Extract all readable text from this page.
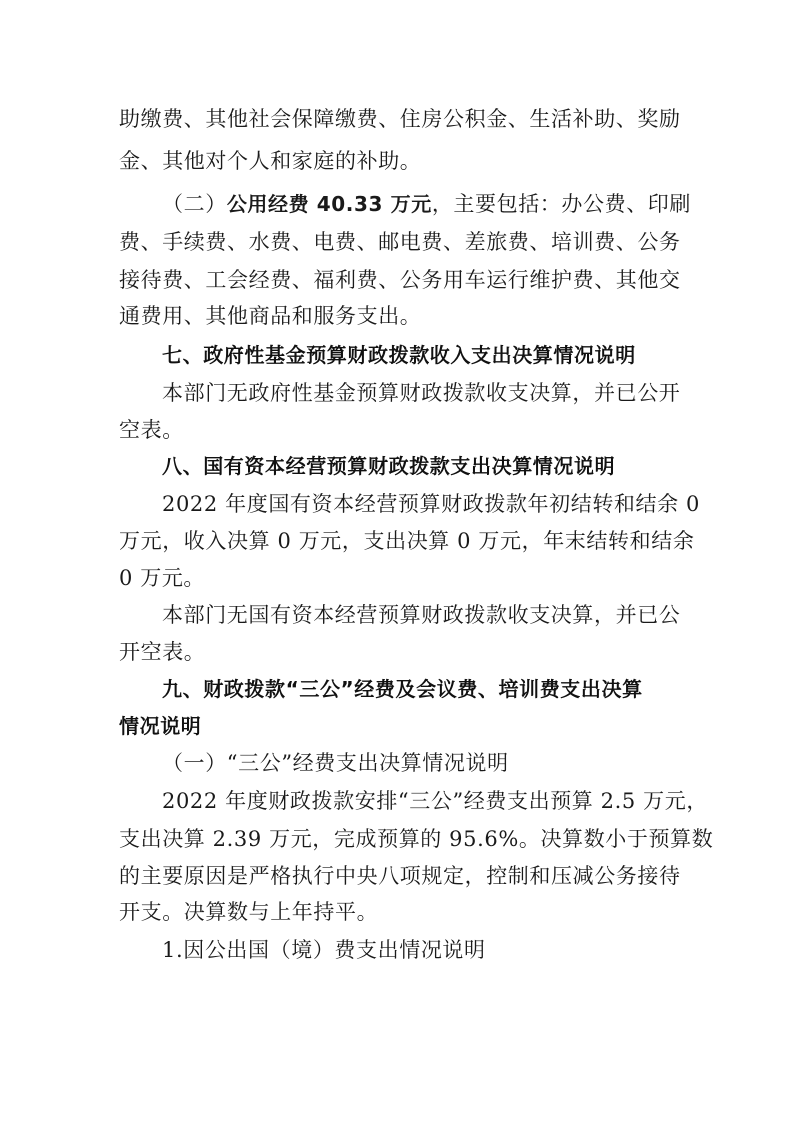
助缴费、其他社会保障缴费、住房公积金、生活补助、奖励
金、其他对个人和家庭的补助。
（二）公用经费 40.33 万元，主要包括：办公费、印刷
费、手续费、水费、电费、邮电费、差旅费、培训费、公务
接待费、工会经费、福利费、公务用车运行维护费、其他交
通费用、其他商品和服务支出。
七、政府性基金预算财政拨款收入支出决算情况说明
本部门无政府性基金预算财政拨款收支决算，并已公开
空表。
八、国有资本经营预算财政拨款支出决算情况说明
2022 年度国有资本经营预算财政拨款年初结转和结余 0
万元，收入决算 0 万元，支出决算 0 万元，年末结转和结余
0 万元。
本部门无国有资本经营预算财政拨款收支决算，并已公
开空表。
九、财政拨款“三公”经费及会议费、培训费支出决算
情况说明
（一）“三公”经费支出决算情况说明
2022 年度财政拨款安排“三公”经费支出预算 2.5 万元，
支出决算 2.39 万元，完成预算的 95.6%。决算数小于预算数
的主要原因是严格执行中央八项规定，控制和压减公务接待
开支。决算数与上年持平。
1.因公出国（境）费支出情况说明
